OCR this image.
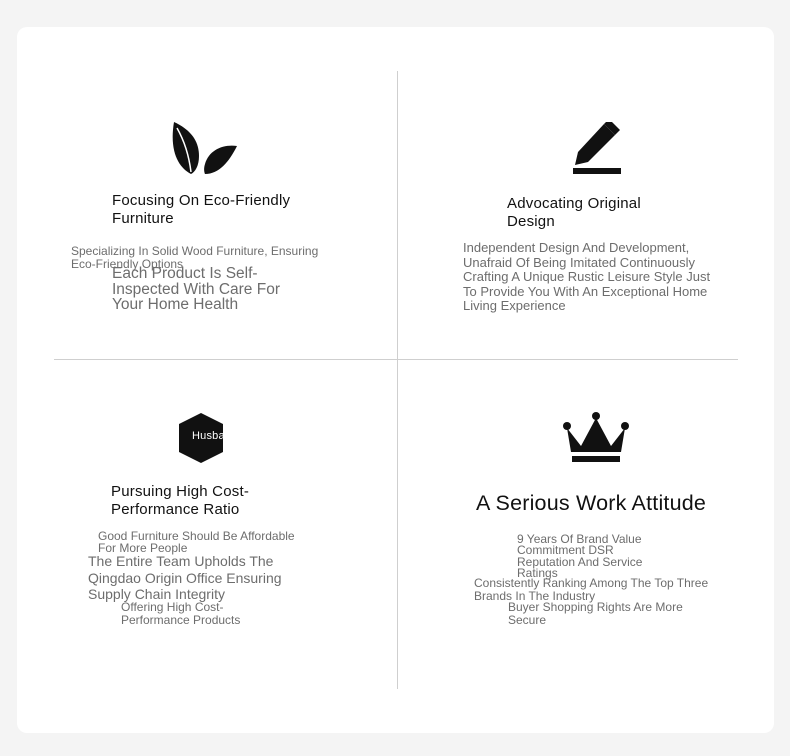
Focusing On Eco-Friendly Furniture
Specializing In Solid Wood Furniture, Ensuring Eco-Friendly Options
Each Product Is Self-Inspected With Care For Your Home Health
Advocating Original Design
Independent Design And Development, Unafraid Of Being Imitated Continuously Crafting A Unique Rustic Leisure Style Just To Provide You With An Exceptional Home Living Experience
Husband
Pursuing High Cost-Performance Ratio
Good Furniture Should Be Affordable For More People
The Entire Team Upholds The Qingdao Origin Office Ensuring Supply Chain Integrity
Offering High Cost-Performance Products
A Serious Work Attitude
9 Years Of Brand Value Commitment DSR Reputation And Service Ratings
Consistently Ranking Among The Top Three Brands In The Industry
Buyer Shopping Rights Are More Secure
